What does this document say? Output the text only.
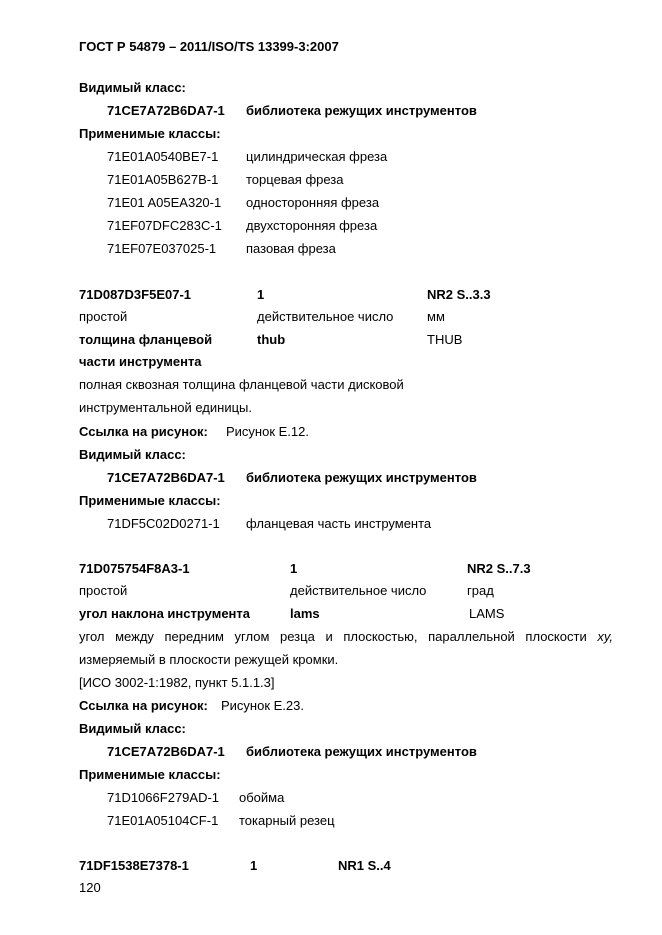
ГОСТ Р 54879 – 2011/ISO/TS 13399-3:2007
Видимый класс:
71CE7A72B6DA7-1 библиотека режущих инструментов
Применимые классы:
71E01A0540BE7-1 цилиндрическая фреза
71E01A05B627B-1 торцевая фреза
71E01 A05EA320-1 односторонняя фреза
71EF07DFC283C-1 двухсторонняя фреза
71EF07E037025-1 пазовая фреза
71D087D3F5E07-1	1	NR2 S..3.3
простой	действительное число	мм
толщина фланцевой	thub	THUB
части инструмента
полная сквозная толщина фланцевой части дисковой
инструментальной единицы.
Ссылка на рисунок: Рисунок Е.12.
Видимый класс:
71CE7A72B6DA7-1 библиотека режущих инструментов
Применимые классы:
71DF5C02D0271-1 фланцевая часть инструмента
71D075754F8A3-1	1	NR2 S..7.3
простой	действительное число	град
угол наклона инструмента	lams	LAMS
угол между передним углом резца и плоскостью, параллельной плоскости xy,
измеряемый в плоскости режущей кромки.
[ИСО 3002-1:1982, пункт 5.1.1.3]
Ссылка на рисунок: Рисунок Е.23.
Видимый класс:
71CE7A72B6DA7-1 библиотека режущих инструментов
Применимые классы:
71D1066F279AD-1 обойма
71E01A05104CF-1 токарный резец
71DF1538E7378-1	1	NR1 S..4
120
